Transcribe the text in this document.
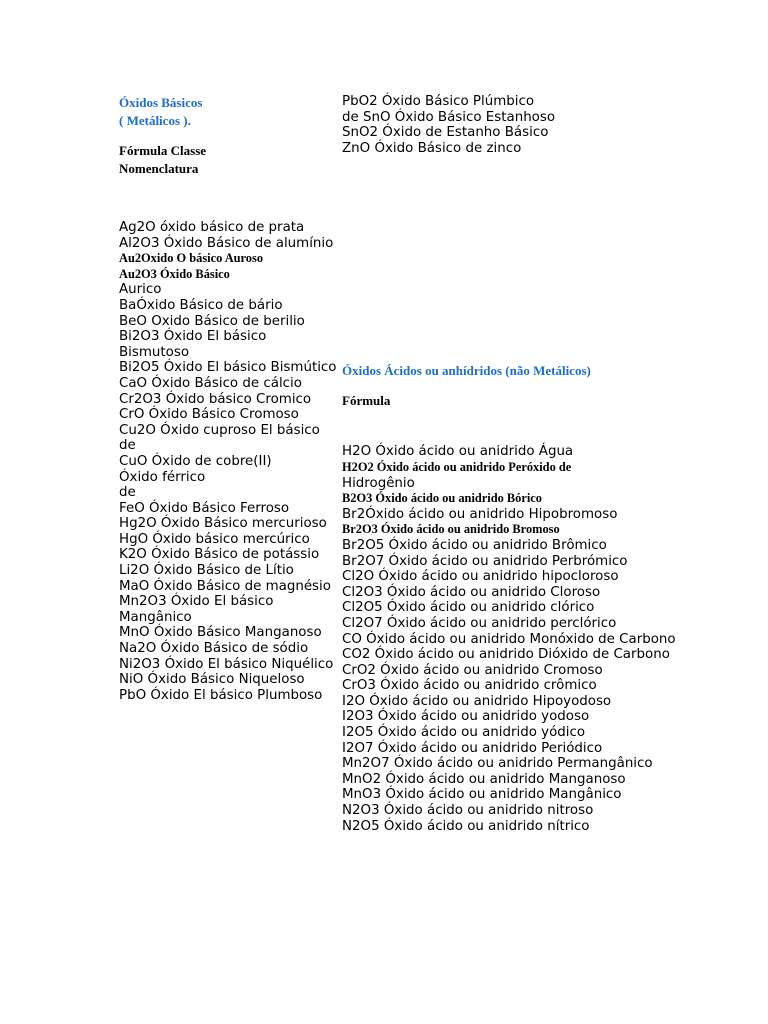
Óxidos Básicos
( Metálicos ).
Fórmula Classe
Nomenclatura
Ag2O óxido básico de prata
Al2O3 Óxido Básico de alumínio
Au2Oxido O básico Auroso
Au2O3 Óxido Básico
Aurico
BaÓxido Básico de bário
BeO Oxido Básico de berilio
Bi2O3 Óxido El básico Bismutoso
Bi2O5 Óxido El básico Bismútico
CaO Óxido Básico de cálcio
Cr2O3 Óxido básico Cromico
CrO Óxido Básico Cromoso
Cu2O Óxido cuproso El básico de
CuO Óxido de cobre(II)
Óxido férrico
de
FeO Óxido Básico Ferroso
Hg2O Óxido Básico mercurioso
HgO Óxido básico mercúrico
K2O Óxido Básico de potássio
Li2O Óxido Básico de Lítio
MaO Óxido Básico de magnésio
Mn2O3 Óxido El básico Mangânico
MnO Óxido Básico Manganoso
Na2O Óxido Básico de sódio
Ni2O3 Óxido El básico Niquélico
NiO Óxido Básico Niqueloso
PbO Óxido El básico Plumboso
PbO2 Óxido Básico Plúmbico
de SnO Óxido Básico Estanhoso
SnO2 Óxido de Estanho Básico
ZnO Óxido Básico de zinco
Óxidos Ácidos ou anhídridos (não Metálicos)
Fórmula
H2O Óxido ácido ou anidrido Água
H2O2 Óxido ácido ou anidrido Peróxido de
Hidrogênio
B2O3 Óxido ácido ou anidrido Bórico
Br2Óxido ácido ou anidrido Hipobromoso
Br2O3 Óxido ácido ou anidrido Bromoso
Br2O5 Óxido ácido ou anidrido Brômico
Br2O7 Óxido ácido ou anidrido Perbrómico
Cl2O Óxido ácido ou anidrido hipocloroso
Cl2O3 Óxido ácido ou anidrido Cloroso
Cl2O5 Óxido ácido ou anidrido clórico
Cl2O7 Óxido ácido ou anidrido perclórico
CO Óxido ácido ou anidrido Monóxido de Carbono
CO2 Óxido ácido ou anidrido Dióxido de Carbono
CrO2 Óxido ácido ou anidrido Cromoso
CrO3 Óxido ácido ou anidrido crômico
I2O Óxido ácido ou anidrido Hipoyodoso
I2O3 Óxido ácido ou anidrido yodoso
I2O5 Óxido ácido ou anidrido yódico
I2O7 Óxido ácido ou anidrido Periódico
Mn2O7 Óxido ácido ou anidrido Permangânico
MnO2 Óxido ácido ou anidrido Manganoso
MnO3 Óxido ácido ou anidrido Mangânico
N2O3 Óxido ácido ou anidrido nitroso
N2O5 Óxido ácido ou anidrido nítrico
